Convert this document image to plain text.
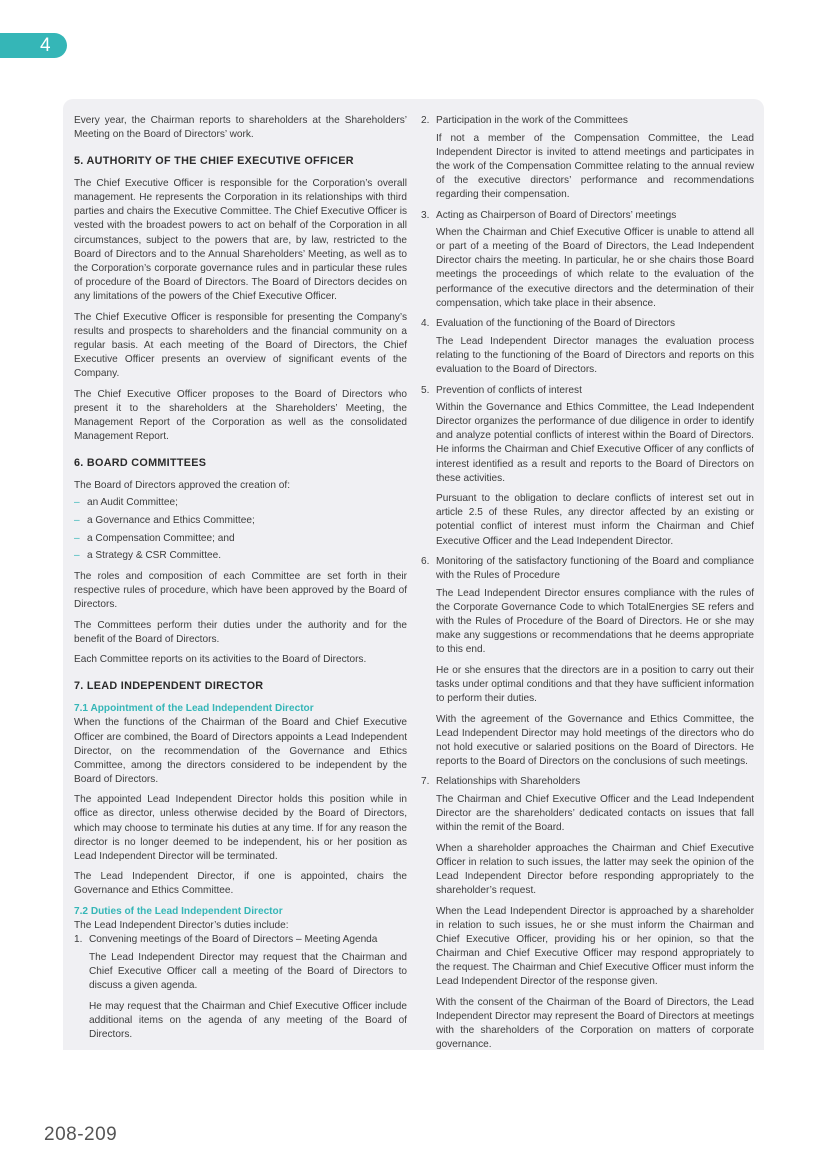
4

Every year, the Chairman reports to shareholders at the Shareholders’ Meeting on the Board of Directors’ work.

5. AUTHORITY OF THE CHIEF EXECUTIVE OFFICER

The Chief Executive Officer is responsible for the Corporation’s overall management. He represents the Corporation in its relationships with third parties and chairs the Executive Committee. The Chief Executive Officer is vested with the broadest powers to act on behalf of the Corporation in all circumstances, subject to the powers that are, by law, restricted to the Board of Directors and to the Annual Shareholders’ Meeting, as well as to the Corporation’s corporate governance rules and in particular these rules of procedure of the Board of Directors. The Board of Directors decides on any limitations of the powers of the Chief Executive Officer.

The Chief Executive Officer is responsible for presenting the Company’s results and prospects to shareholders and the financial community on a regular basis. At each meeting of the Board of Directors, the Chief Executive Officer presents an overview of significant events of the Company.

The Chief Executive Officer proposes to the Board of Directors who present it to the shareholders at the Shareholders’ Meeting, the Management Report of the Corporation as well as the consolidated Management Report.

6. BOARD COMMITTEES

The Board of Directors approved the creation of:

– an Audit Committee;
– a Governance and Ethics Committee;
– a Compensation Committee; and
– a Strategy & CSR Committee.

The roles and composition of each Committee are set forth in their respective rules of procedure, which have been approved by the Board of Directors.

The Committees perform their duties under the authority and for the benefit of the Board of Directors.

Each Committee reports on its activities to the Board of Directors.

7. LEAD INDEPENDENT DIRECTOR
7.1 Appointment of the Lead Independent Director

When the functions of the Chairman of the Board and Chief Executive Officer are combined, the Board of Directors appoints a Lead Independent Director, on the recommendation of the Governance and Ethics Committee, among the directors considered to be independent by the Board of Directors.

The appointed Lead Independent Director holds this position while in office as director, unless otherwise decided by the Board of Directors, which may choose to terminate his duties at any time. If for any reason the director is no longer deemed to be independent, his or her position as Lead Independent Director will be terminated.

The Lead Independent Director, if one is appointed, chairs the Governance and Ethics Committee.

7.2 Duties of the Lead Independent Director

The Lead Independent Director’s duties include:

1. Convening meetings of the Board of Directors – Meeting Agenda

The Lead Independent Director may request that the Chairman and Chief Executive Officer call a meeting of the Board of Directors to discuss a given agenda.

He may request that the Chairman and Chief Executive Officer include additional items on the agenda of any meeting of the Board of Directors.

2. Participation in the work of the Committees

If not a member of the Compensation Committee, the Lead Independent Director is invited to attend meetings and participates in the work of the Compensation Committee relating to the annual review of the executive directors’ performance and recommendations regarding their compensation.

3. Acting as Chairperson of Board of Directors’ meetings

When the Chairman and Chief Executive Officer is unable to attend all or part of a meeting of the Board of Directors, the Lead Independent Director chairs the meeting. In particular, he or she chairs those Board meetings the proceedings of which relate to the evaluation of the performance of the executive directors and the determination of their compensation, which take place in their absence.

4. Evaluation of the functioning of the Board of Directors

The Lead Independent Director manages the evaluation process relating to the functioning of the Board of Directors and reports on this evaluation to the Board of Directors.

5. Prevention of conflicts of interest

Within the Governance and Ethics Committee, the Lead Independent Director organizes the performance of due diligence in order to identify and analyze potential conflicts of interest within the Board of Directors. He informs the Chairman and Chief Executive Officer of any conflicts of interest identified as a result and reports to the Board of Directors on these activities.

Pursuant to the obligation to declare conflicts of interest set out in article 2.5 of these Rules, any director affected by an existing or potential conflict of interest must inform the Chairman and Chief Executive Officer and the Lead Independent Director.

6. Monitoring of the satisfactory functioning of the Board and compliance with the Rules of Procedure

The Lead Independent Director ensures compliance with the rules of the Corporate Governance Code to which TotalEnergies SE refers and with the Rules of Procedure of the Board of Directors. He or she may make any suggestions or recommendations that he deems appropriate to this end.

He or she ensures that the directors are in a position to carry out their tasks under optimal conditions and that they have sufficient information to perform their duties.

With the agreement of the Governance and Ethics Committee, the Lead Independent Director may hold meetings of the directors who do not hold executive or salaried positions on the Board of Directors. He reports to the Board of Directors on the conclusions of such meetings.

7. Relationships with Shareholders

The Chairman and Chief Executive Officer and the Lead Independent Director are the shareholders’ dedicated contacts on issues that fall within the remit of the Board.

When a shareholder approaches the Chairman and Chief Executive Officer in relation to such issues, the latter may seek the opinion of the Lead Independent Director before responding appropriately to the shareholder’s request.

When the Lead Independent Director is approached by a shareholder in relation to such issues, he or she must inform the Chairman and Chief Executive Officer, providing his or her opinion, so that the Chairman and Chief Executive Officer may respond appropriately to the request. The Chairman and Chief Executive Officer must inform the Lead Independent Director of the response given.

With the consent of the Chairman of the Board of Directors, the Lead Independent Director may represent the Board of Directors at meetings with the shareholders of the Corporation on matters of corporate governance.

208-209
